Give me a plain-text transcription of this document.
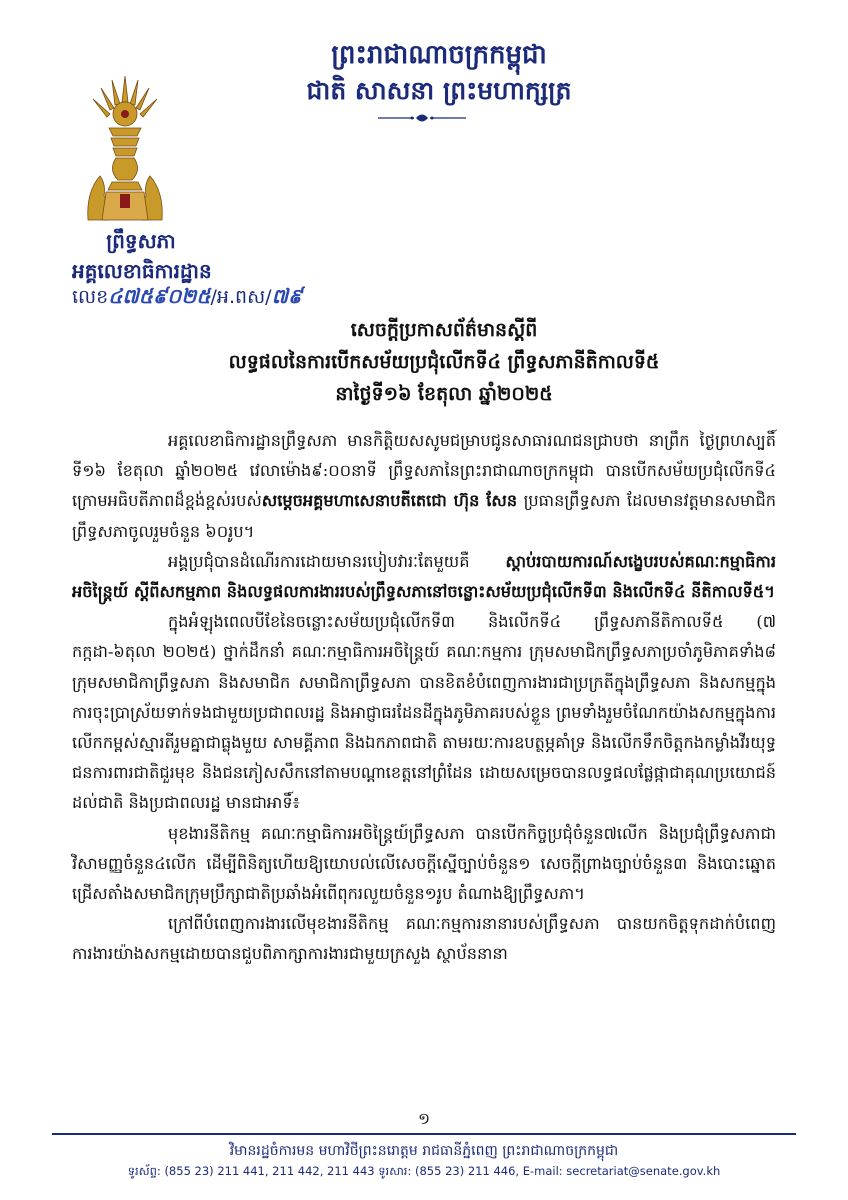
ព្រះរាជាណាចក្រកម្ពុជា
ជាតិ សាសនា ព្រះមហាក្សត្រ
ព្រឹទ្ធសភា
អគ្គលេខាធិការដ្ឋាន
លេខ៤៧៥៩០២៥/អ.ពស/៧៩
សេចក្តីប្រកាសព័ត៌មានស្តីពី
លទ្ធផលនៃការបើកសម័យប្រជុំលើកទី៤ ព្រឹទ្ធសភានីតិកាលទី៥
នាថ្ងៃទី១៦ ខែតុលា ឆ្នាំ២០២៥

អគ្គលេខាធិការដ្ឋានព្រឹទ្ធសភា មានកិត្តិយសសូមជម្រាបជូនសាធារណជនជ្រាបថា នាព្រឹក ថ្ងៃព្រហស្បតិ៍ ទី១៦ ខែតុលា ឆ្នាំ២០២៥ វេលាម៉ោង៩:០០នាទី ព្រឹទ្ធសភានៃព្រះរាជាណាចក្រកម្ពុជា បានបើកសម័យប្រជុំលើកទី៤ ក្រោមអធិបតីភាពដ៏ខ្ពង់ខ្ពស់របស់សម្តេចអគ្គមហាសេនាបតីតេជោ ហ៊ុន សែន ប្រធានព្រឹទ្ធសភា ដែលមានវត្តមានសមាជិកព្រឹទ្ធសភាចូលរួមចំនួន ៦០រូប។

អង្គប្រជុំបានដំណើរការដោយមានរបៀបវារៈតែមួយគឺ ស្តាប់របាយការណ៍សង្ខេបរបស់គណៈកម្មាធិការអចិន្ត្រៃយ៍ ស្តីពីសកម្មភាព និងលទ្ធផលការងាររបស់ព្រឹទ្ធសភានៅចន្លោះសម័យប្រជុំលើកទី៣ និងលើកទី៤ នីតិកាលទី៥។

ក្នុងអំឡុងពេលបីខែនៃចន្លោះសម័យប្រជុំលើកទី៣ និងលើកទី៤ ព្រឹទ្ធសភានីតិកាលទី៥ (៧ កក្កដា-៦តុលា ២០២៥) ថ្នាក់ដឹកនាំ គណៈកម្មាធិការអចិន្ត្រៃយ៍ គណៈកម្មការ ក្រុមសមាជិកព្រឹទ្ធសភាប្រចាំភូមិភាគទាំង៨ ក្រុមសមាជិកាព្រឹទ្ធសភា និងសមាជិក សមាជិកាព្រឹទ្ធសភា បានខិតខំបំពេញការងារជាប្រក្រតីក្នុងព្រឹទ្ធសភា និងសកម្មក្នុងការចុះប្រាស្រ័យទាក់ទងជាមួយប្រជាពលរដ្ឋ និងអាជ្ញាធរដែនដីក្នុងភូមិភាគរបស់ខ្លួន ព្រមទាំងរួមចំណែកយ៉ាងសកម្មក្នុងការលើកកម្ពស់ស្មារតីរួមគ្នាជាធ្លុងមួយ សាមគ្គីភាព និងឯកភាពជាតិ តាមរយៈការឧបត្ថម្ភគាំទ្រ និងលើកទឹកចិត្តកងកម្លាំងវីរយុទ្ធជនការពារជាតិជួរមុខ និងជនភៀសសឹកនៅតាមបណ្តាខេត្តនៅព្រំដែន ដោយសម្រេចបានលទ្ធផលផ្លែផ្កាជាគុណប្រយោជន៍ដល់ជាតិ និងប្រជាពលរដ្ឋ មានជាអាទិ៍៖

មុខងារនីតិកម្ម គណៈកម្មាធិការអចិន្ត្រៃយ៍ព្រឹទ្ធសភា បានបើកកិច្ចប្រជុំចំនួន៧លើក និងប្រជុំព្រឹទ្ធសភាជាវិសាមញ្ញចំនួន៤លើក ដើម្បីពិនិត្យហើយឱ្យយោបល់លើសេចក្តីស្នើច្បាប់ចំនួន១ សេចក្តីព្រាងច្បាប់ចំនួន៣ និងបោះឆ្នោតជ្រើសតាំងសមាជិកក្រុមប្រឹក្សាជាតិប្រឆាំងអំពើពុករលួយចំនួន១រូប តំណាងឱ្យព្រឹទ្ធសភា។

ក្រៅពីបំពេញការងារលើមុខងារនីតិកម្ម គណៈកម្មការនានារបស់ព្រឹទ្ធសភា បានយកចិត្តទុកដាក់បំពេញការងារយ៉ាងសកម្មដោយបានជួបពិភាក្សាការងារជាមួយក្រសួង ស្ថាប័ននានា

១
វិមានរដ្ឋចំការមន មហាវិថីព្រះនរោត្តម រាជធានីភ្នំពេញ ព្រះរាជាណាចក្រកម្ពុជា
ទូរស័ព្ទ: (855 23) 211 441, 211 442, 211 443 ទូរសារ: (855 23) 211 446, E-mail: secretariat@senate.gov.kh
